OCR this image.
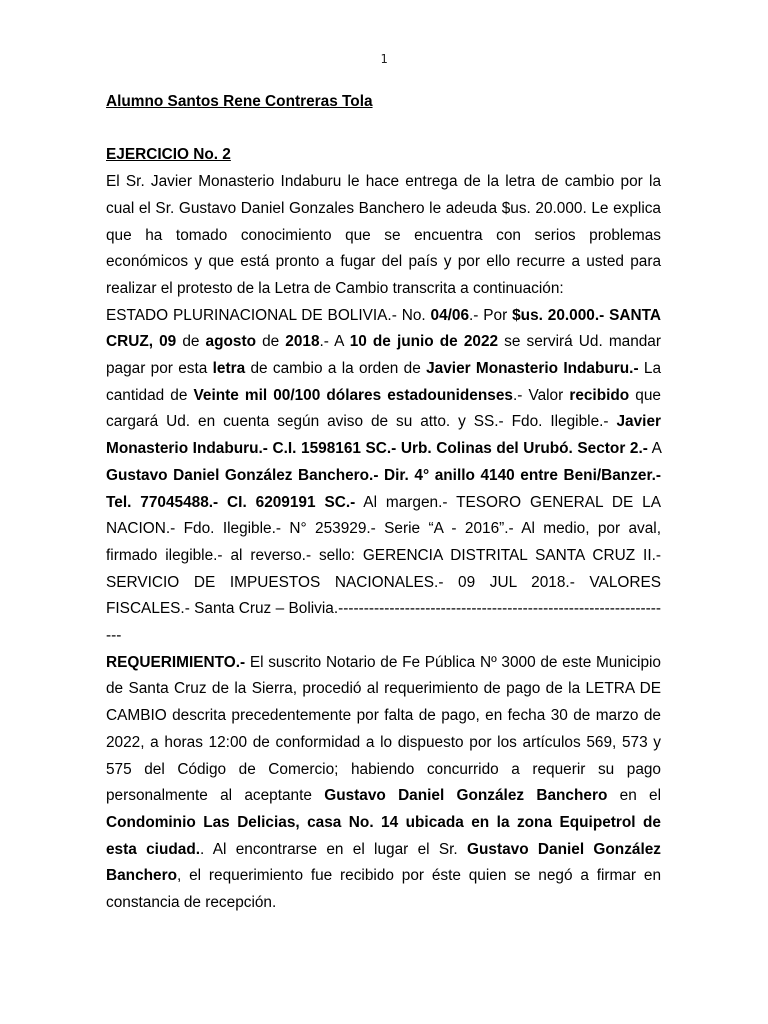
1

Alumno Santos Rene Contreras Tola

EJERCICIO No. 2

El Sr. Javier Monasterio Indaburu le hace entrega de la letra de cambio por la cual el Sr. Gustavo Daniel Gonzales Banchero le adeuda $us. 20.000. Le explica que ha tomado conocimiento que se encuentra con serios problemas económicos y que está pronto a fugar del país y por ello recurre a usted para realizar el protesto de la Letra de Cambio transcrita a continuación:

ESTADO PLURINACIONAL DE BOLIVIA.- No. 04/06.- Por $us. 20.000.- SANTA CRUZ, 09 de agosto de 2018.- A 10 de junio de 2022 se servirá Ud. mandar pagar por esta letra de cambio a la orden de Javier Monasterio Indaburu.- La cantidad de Veinte mil 00/100 dólares estadounidenses.- Valor recibido que cargará Ud. en cuenta según aviso de su atto. y SS.- Fdo. Ilegible.- Javier Monasterio Indaburu.- C.I. 1598161 SC.- Urb. Colinas del Urubó. Sector 2.- A Gustavo Daniel González Banchero.- Dir. 4° anillo 4140 entre Beni/Banzer.- Tel. 77045488.- CI. 6209191 SC.- Al margen.- TESORO GENERAL DE LA NACION.- Fdo. Ilegible.- N° 253929.- Serie “A - 2016”.- Al medio, por aval, firmado ilegible.- al reverso.- sello: GERENCIA DISTRITAL SANTA CRUZ II.- SERVICIO DE IMPUESTOS NACIONALES.- 09 JUL 2018.- VALORES FISCALES.- Santa Cruz – Bolivia.------------------------------------------------------------------

REQUERIMIENTO.- El suscrito Notario de Fe Pública Nº 3000 de este Municipio de Santa Cruz de la Sierra, procedió al requerimiento de pago de la LETRA DE CAMBIO descrita precedentemente por falta de pago, en fecha 30 de marzo de 2022, a horas 12:00 de conformidad a lo dispuesto por los artículos 569, 573 y 575 del Código de Comercio; habiendo concurrido a requerir su pago personalmente al aceptante Gustavo Daniel González Banchero en el Condominio Las Delicias, casa No. 14 ubicada en la zona Equipetrol de esta ciudad.. Al encontrarse en el lugar el Sr. Gustavo Daniel González Banchero, el requerimiento fue recibido por éste quien se negó a firmar en constancia de recepción.
